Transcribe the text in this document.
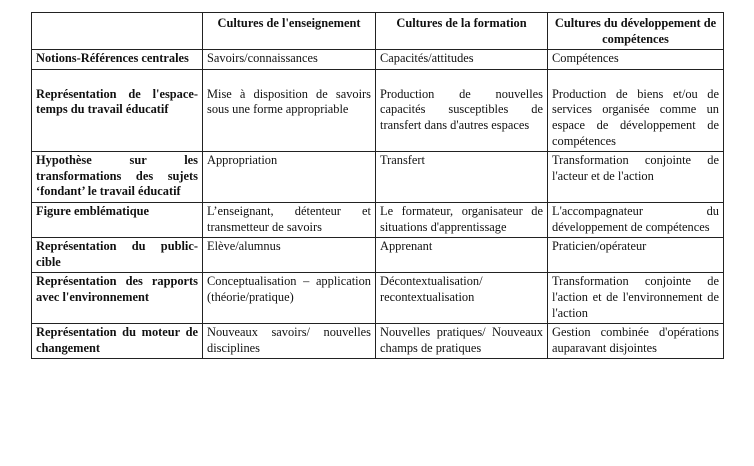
	Cultures de l'enseignement	Cultures de la formation	Cultures du développement de compétences
Notions-Références centrales	Savoirs/connaissances	Capacités/attitudes	Compétences
Représentation de l'espace-temps du travail éducatif	Mise à disposition de savoirs sous une forme appropriable	Production de nouvelles capacités susceptibles de transfert dans d'autres espaces	Production de biens et/ou de services organisée comme un espace de développement de compétences
Hypothèse sur les transformations des sujets ‘fondant’ le travail éducatif	Appropriation	Transfert	Transformation conjointe de l'acteur et de l'action
Figure emblématique	L’enseignant, détenteur et transmetteur de savoirs	Le formateur, organisateur de situations d'apprentissage	L'accompagnateur du développement de compétences
Représentation du public-cible	Elève/alumnus	Apprenant	Praticien/opérateur
Représentation des rapports avec l'environnement	Conceptualisation – application (théorie/pratique)	Décontextualisation/ recontextualisation	Transformation conjointe de l'action et de l'environnement de l'action
Représentation du moteur de changement	Nouveaux savoirs/ nouvelles disciplines	Nouvelles pratiques/ Nouveaux champs de pratiques	Gestion combinée d'opérations auparavant disjointes
